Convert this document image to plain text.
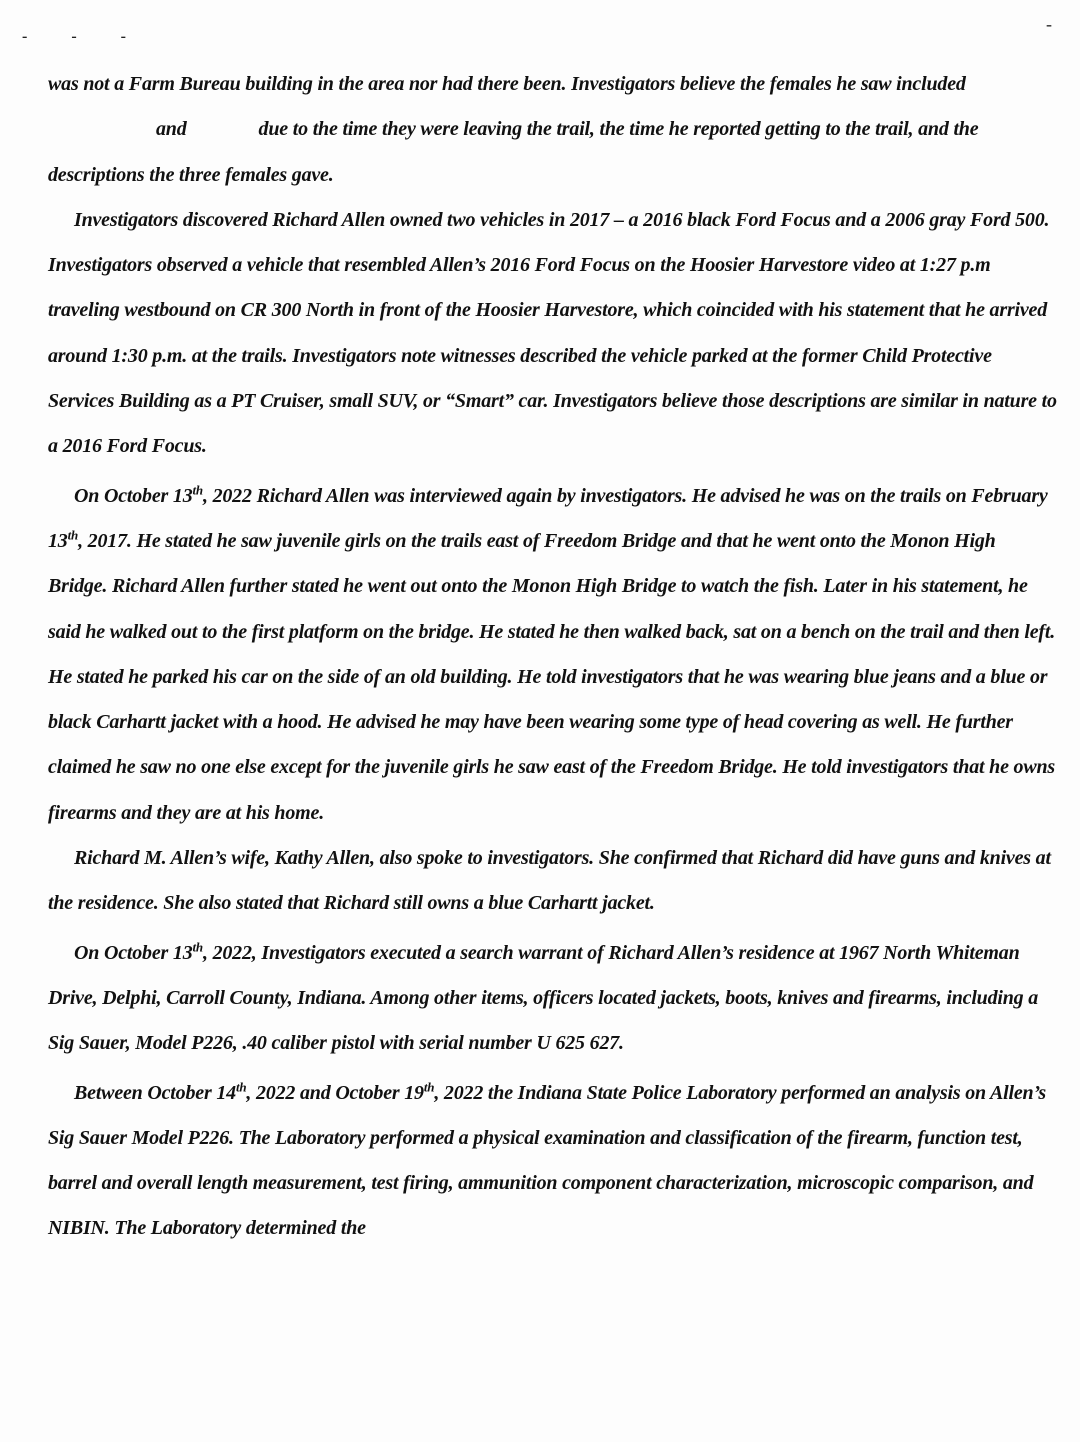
‑ ‑ ‑
‑

was not a Farm Bureau building in the area nor had there been. Investigators believe the females he saw includedand	due to the time they were leaving the trail, the time he reported getting to the trail, and the descriptions the three females gave.

Investigators discovered Richard Allen owned two vehicles in 2017 – a 2016 black Ford Focus and a 2006 gray Ford 500. Investigators observed a vehicle that resembled Allen’s 2016 Ford Focus on the Hoosier Harvestore video at 1:27 p.m traveling westbound on CR 300 North in front of the Hoosier Harvestore, which coincided with his statement that he arrived around 1:30 p.m. at the trails. Investigators note witnesses described the vehicle parked at the former Child Protective Services Building as a PT Cruiser, small SUV, or “Smart” car. Investigators believe those descriptions are similar in nature to a 2016 Ford Focus.

On October 13th, 2022 Richard Allen was interviewed again by investigators. He advised he was on the trails on February 13th, 2017. He stated he saw juvenile girls on the trails east of Freedom Bridge and that he went onto the Monon High Bridge. Richard Allen further stated he went out onto the Monon High Bridge to watch the fish. Later in his statement, he said he walked out to the first platform on the bridge. He stated he then walked back, sat on a bench on the trail and then left. He stated he parked his car on the side of an old building. He told investigators that he was wearing blue jeans and a blue or black Carhartt jacket with a hood. He advised he may have been wearing some type of head covering as well. He further claimed he saw no one else except for the juvenile girls he saw east of the Freedom Bridge. He told investigators that he owns firearms and they are at his home.

Richard M. Allen’s wife, Kathy Allen, also spoke to investigators. She confirmed that Richard did have guns and knives at the residence. She also stated that Richard still owns a blue Carhartt jacket.

On October 13th, 2022, Investigators executed a search warrant of Richard Allen’s residence at 1967 North Whiteman Drive, Delphi, Carroll County, Indiana. Among other items, officers located jackets, boots, knives and firearms, including a Sig Sauer, Model P226, .40 caliber pistol with serial number U 625 627.

Between October 14th, 2022 and October 19th, 2022 the Indiana State Police Laboratory performed an analysis on Allen’s Sig Sauer Model P226. The Laboratory performed a physical examination and classification of the firearm, function test, barrel and overall length measurement, test firing, ammunition component characterization, microscopic comparison, and NIBIN. The Laboratory determined the
